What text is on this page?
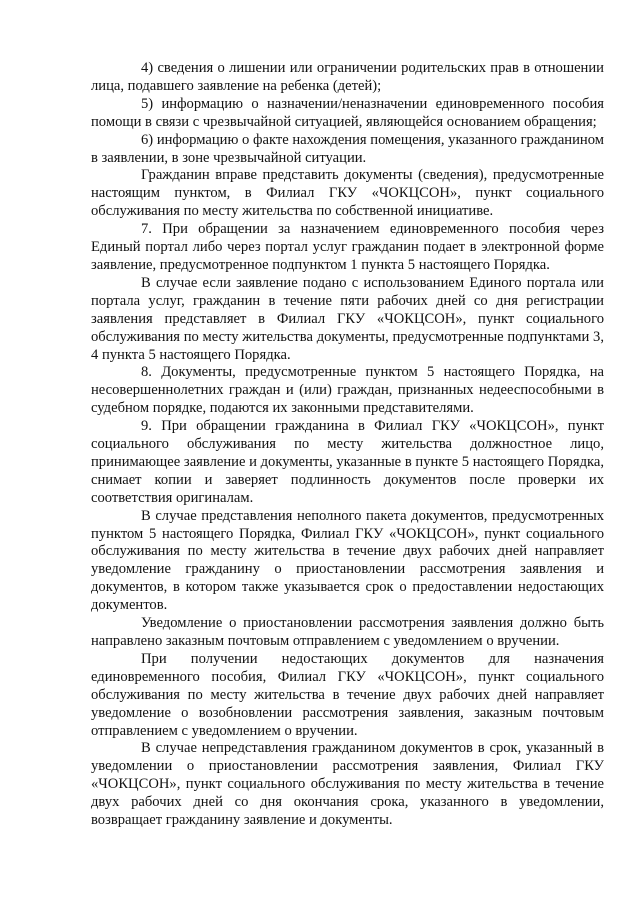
4) сведения о лишении или ограничении родительских прав в отношении лица, подавшего заявление на ребенка (детей);

5) информацию о назначении/неназначении единовременного пособия помощи в связи с чрезвычайной ситуацией, являющейся основанием обращения;

6) информацию о факте нахождения помещения, указанного гражданином в заявлении, в зоне чрезвычайной ситуации.

Гражданин вправе представить документы (сведения), предусмотренные настоящим пунктом, в Филиал ГКУ «ЧОКЦСОН», пункт социального обслуживания по месту жительства по собственной инициативе.

7. При обращении за назначением единовременного пособия через Единый портал либо через портал услуг гражданин подает в электронной форме заявление, предусмотренное подпунктом 1 пункта 5 настоящего Порядка.

В случае если заявление подано с использованием Единого портала или портала услуг, гражданин в течение пяти рабочих дней со дня регистрации заявления представляет в Филиал ГКУ «ЧОКЦСОН», пункт социального обслуживания по месту жительства документы, предусмотренные подпунктами 3, 4 пункта 5 настоящего Порядка.

8. Документы, предусмотренные пунктом 5 настоящего Порядка, на несовершеннолетних граждан и (или) граждан, признанных недееспособными в судебном порядке, подаются их законными представителями.

9. При обращении гражданина в Филиал ГКУ «ЧОКЦСОН», пункт социального обслуживания по месту жительства должностное лицо, принимающее заявление и документы, указанные в пункте 5 настоящего Порядка, снимает копии и заверяет подлинность документов после проверки их соответствия оригиналам.

В случае представления неполного пакета документов, предусмотренных пунктом 5 настоящего Порядка, Филиал ГКУ «ЧОКЦСОН», пункт социального обслуживания по месту жительства в течение двух рабочих дней направляет уведомление гражданину о приостановлении рассмотрения заявления и документов, в котором также указывается срок о предоставлении недостающих документов.

Уведомление о приостановлении рассмотрения заявления должно быть направлено заказным почтовым отправлением с уведомлением о вручении.

При получении недостающих документов для назначения единовременного пособия, Филиал ГКУ «ЧОКЦСОН», пункт социального обслуживания по месту жительства в течение двух рабочих дней направляет уведомление о возобновлении рассмотрения заявления, заказным почтовым отправлением с уведомлением о вручении.

В случае непредставления гражданином документов в срок, указанный в уведомлении о приостановлении рассмотрения заявления, Филиал ГКУ «ЧОКЦСОН», пункт социального обслуживания по месту жительства в течение двух рабочих дней со дня окончания срока, указанного в уведомлении, возвращает гражданину заявление и документы.
